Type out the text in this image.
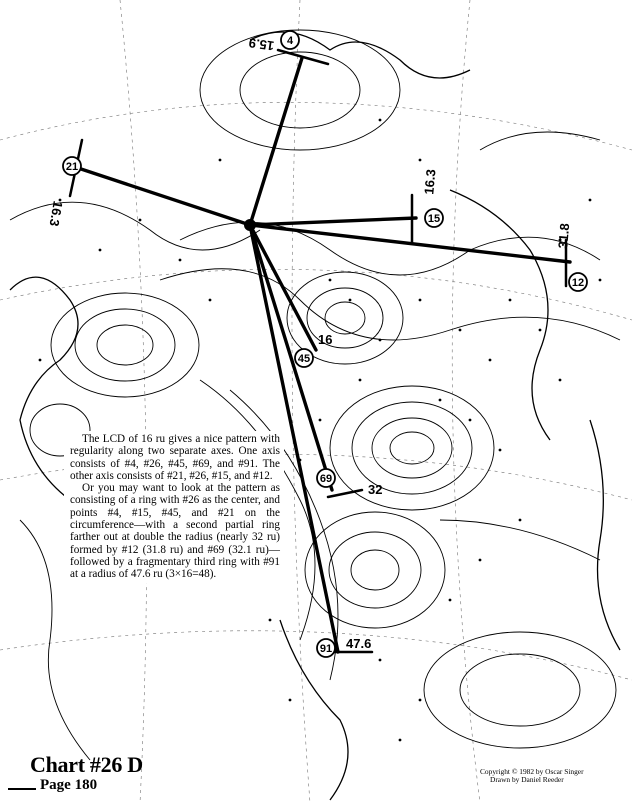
15.9
16.3
16.3
31.8
16
32
47.6
4
21
15
12
45
69
91

The LCD of 16 ru gives a nice pattern with regularity along two separate axes. One axis consists of #4, #26, #45, #69, and #91. The other axis consists of #21, #26, #15, and #12.

Or you may want to look at the pattern as consisting of a ring with #26 as the center, and points #4, #15, #45, and #21 on the circumference—with a second partial ring farther out at double the radius (nearly 32 ru) formed by #12 (31.8 ru) and #69 (32.1 ru)—followed by a fragmentary third ring with #91 at a radius of 47.6 ru (3×16=48).

Chart #26 D
Page 180
Copyright © 1982 by Oscar Singer
Drawn by Daniel Reeder
